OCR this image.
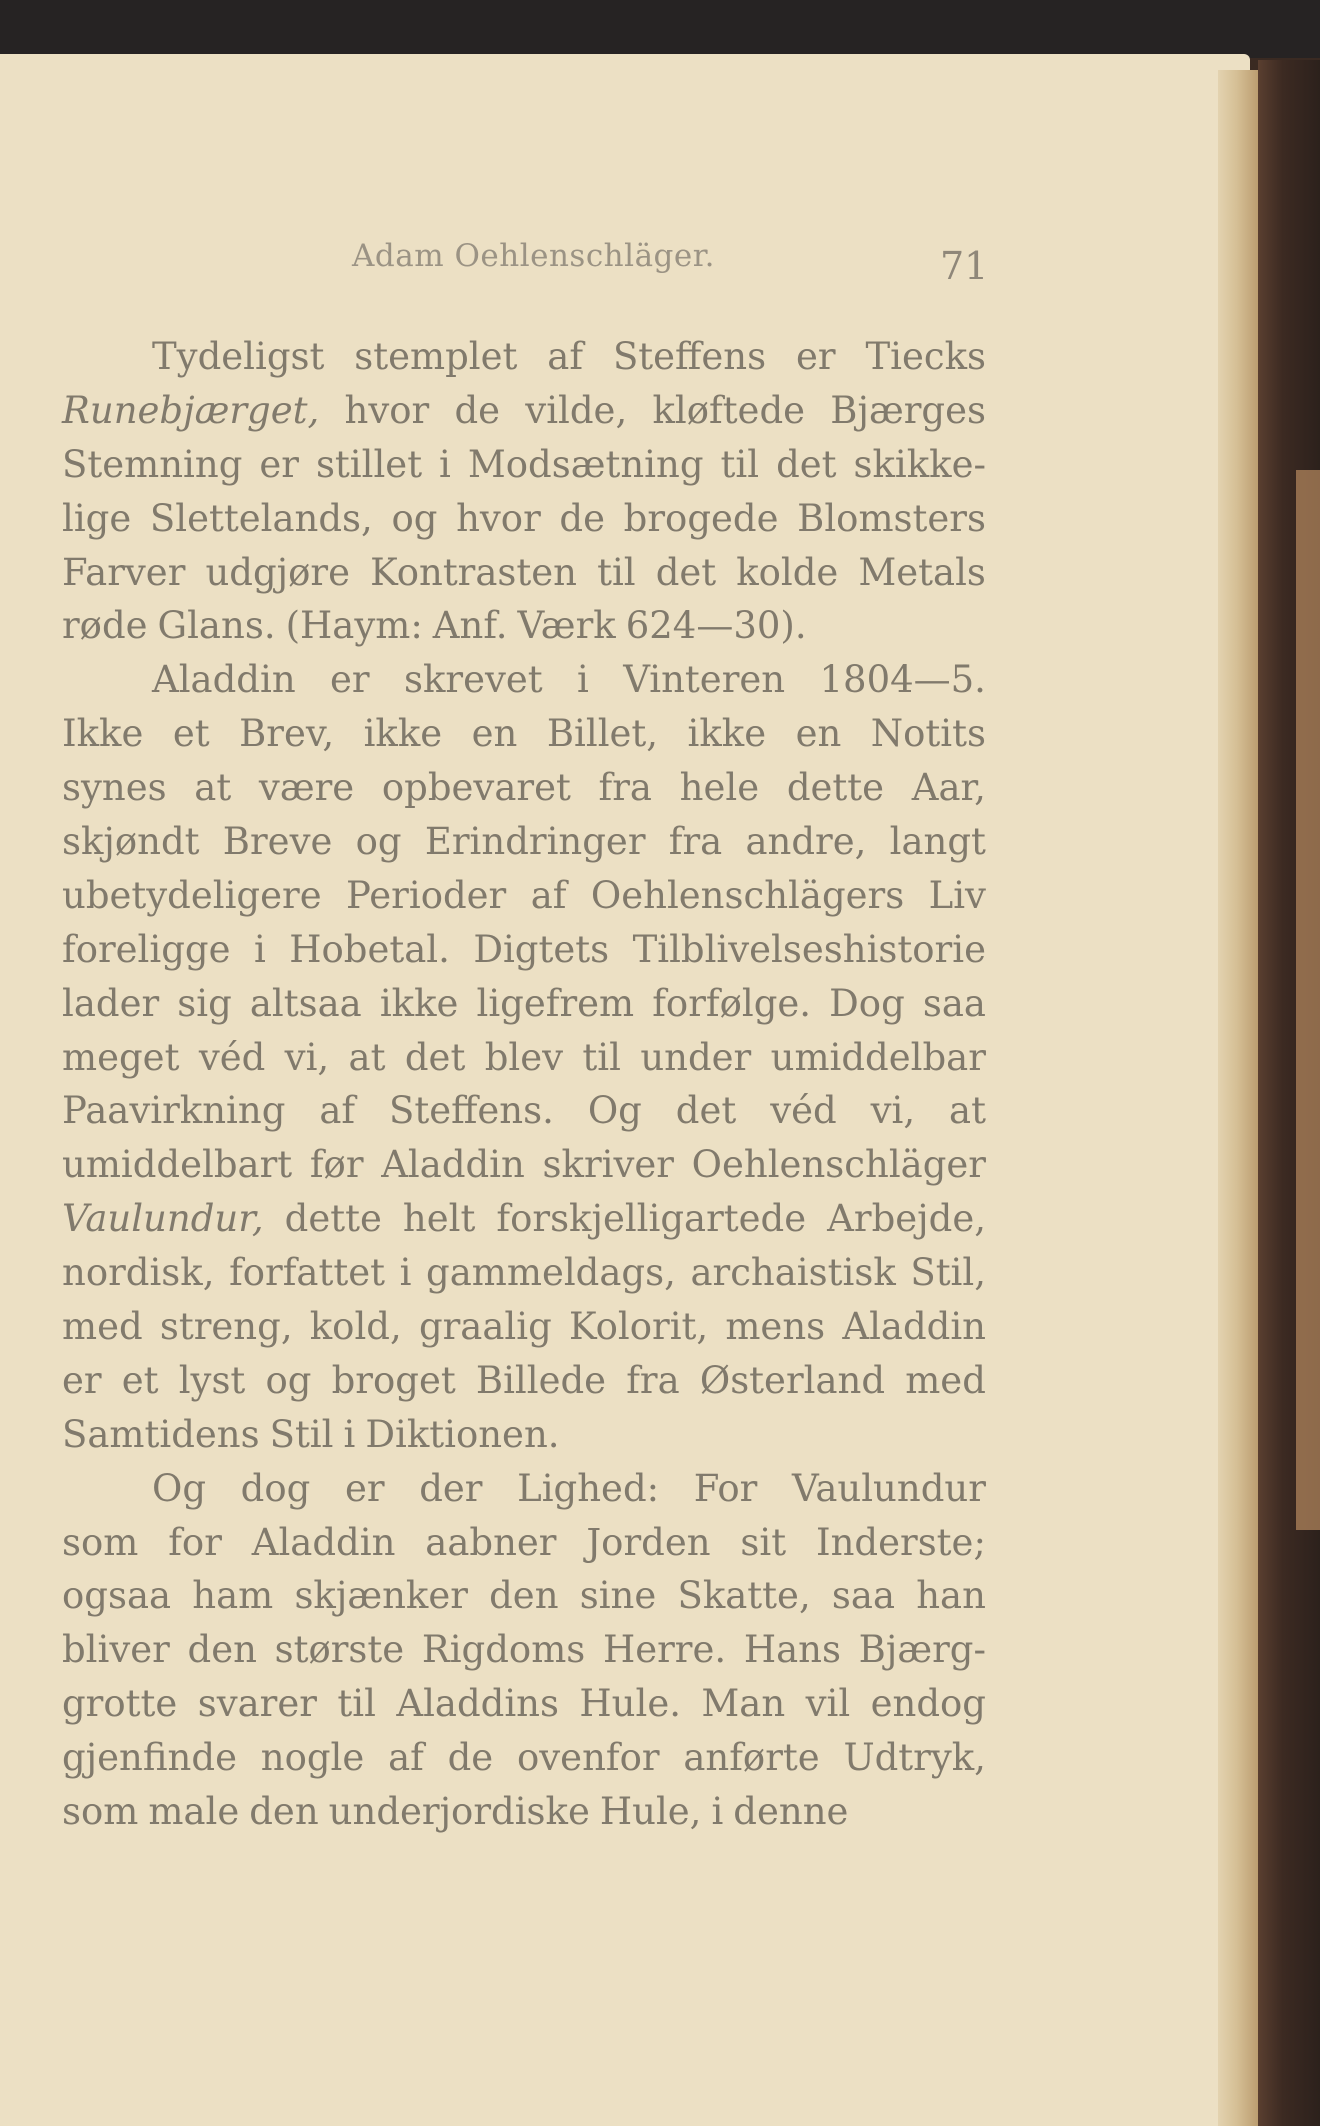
Adam Oehlenschläger.	71
Tydeligst stemplet af Steffens er Tiecks
Runebjærget, hvor de vilde, kløftede Bjærges
Stemning er stillet i Modsætning til det skikke-
lige Slettelands, og hvor de brogede Blomsters
Farver udgjøre Kontrasten til det kolde Metals
røde Glans. (Haym: Anf. Værk 624—30).
Aladdin er skrevet i Vinteren 1804—5.
Ikke et Brev, ikke en Billet, ikke en Notits
synes at være opbevaret fra hele dette Aar,
skjøndt Breve og Erindringer fra andre, langt
ubetydeligere Perioder af Oehlenschlägers Liv
foreligge i Hobetal. Digtets Tilblivelseshistorie
lader sig altsaa ikke ligefrem forfølge. Dog saa
meget véd vi, at det blev til under umiddelbar
Paavirkning af Steffens. Og det véd vi, at
umiddelbart før Aladdin skriver Oehlenschläger
Vaulundur, dette helt forskjelligartede Arbejde,
nordisk, forfattet i gammeldags, archaistisk Stil,
med streng, kold, graalig Kolorit, mens Aladdin
er et lyst og broget Billede fra Østerland med
Samtidens Stil i Diktionen.
Og dog er der Lighed: For Vaulundur
som for Aladdin aabner Jorden sit Inderste;
ogsaa ham skjænker den sine Skatte, saa han
bliver den største Rigdoms Herre. Hans Bjærg-
grotte svarer til Aladdins Hule. Man vil endog
gjenfinde nogle af de ovenfor anførte Udtryk,
som male den underjordiske Hule, i denne
